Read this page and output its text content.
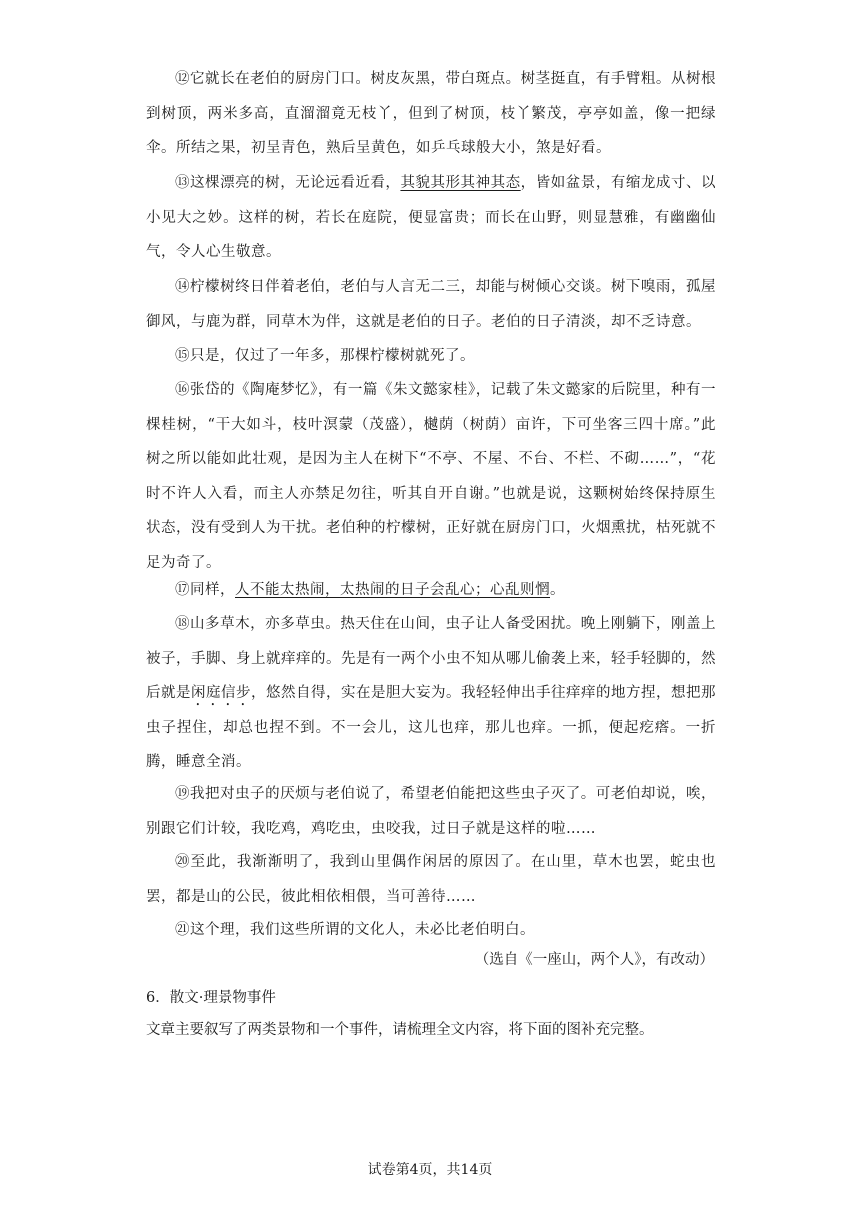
⑫它就长在老伯的厨房门口。树皮灰黑，带白斑点。树茎挺直，有手臂粗。从树根到树顶，两米多高，直溜溜竟无枝丫，但到了树顶，枝丫繁茂，亭亭如盖，像一把绿伞。所结之果，初呈青色，熟后呈黄色，如乒乓球般大小，煞是好看。

⑬这棵漂亮的树，无论远看近看，其貌其形其神其态，皆如盆景，有缩龙成寸、以小见大之妙。这样的树，若长在庭院，便显富贵；而长在山野，则显慧雅，有幽幽仙气，令人心生敬意。

⑭柠檬树终日伴着老伯，老伯与人言无二三，却能与树倾心交谈。树下嗅雨，孤屋御风，与鹿为群，同草木为伴，这就是老伯的日子。老伯的日子清淡，却不乏诗意。

⑮只是，仅过了一年多，那棵柠檬树就死了。

⑯张岱的《陶庵梦忆》，有一篇《朱文懿家桂》，记载了朱文懿家的后院里，种有一棵桂树，“干大如斗，枝叶溟蒙（茂盛），樾荫（树荫）亩许，下可坐客三四十席。”此树之所以能如此壮观，是因为主人在树下“不亭、不屋、不台、不栏、不砌……”，“花时不许人入看，而主人亦禁足勿往，听其自开自谢。”也就是说，这颗树始终保持原生状态，没有受到人为干扰。老伯种的柠檬树，正好就在厨房门口，火烟熏扰，枯死就不足为奇了。

⑰同样，人不能太热闹，太热闹的日子会乱心；心乱则惘。

⑱山多草木，亦多草虫。热天住在山间，虫子让人备受困扰。晚上刚躺下，刚盖上被子，手脚、身上就痒痒的。先是有一两个小虫不知从哪儿偷袭上来，轻手轻脚的，然后就是闲庭信步，悠然自得，实在是胆大妄为。我轻轻伸出手往痒痒的地方捏，想把那虫子捏住，却总也捏不到。不一会儿，这儿也痒，那儿也痒。一抓，便起疙瘩。一折腾，睡意全消。

⑲我把对虫子的厌烦与老伯说了，希望老伯能把这些虫子灭了。可老伯却说，唉，别跟它们计较，我吃鸡，鸡吃虫，虫咬我，过日子就是这样的啦……

⑳至此，我渐渐明了，我到山里偶作闲居的原因了。在山里，草木也罢，蛇虫也罢，都是山的公民，彼此相依相偎，当可善待……

㉑这个理，我们这些所谓的文化人，未必比老伯明白。

（选自《一座山，两个人》，有改动）
6．散文·理景物事件
文章主要叙写了两类景物和一个事件，请梳理全文内容，将下面的图补充完整。
试卷第4页，共14页
